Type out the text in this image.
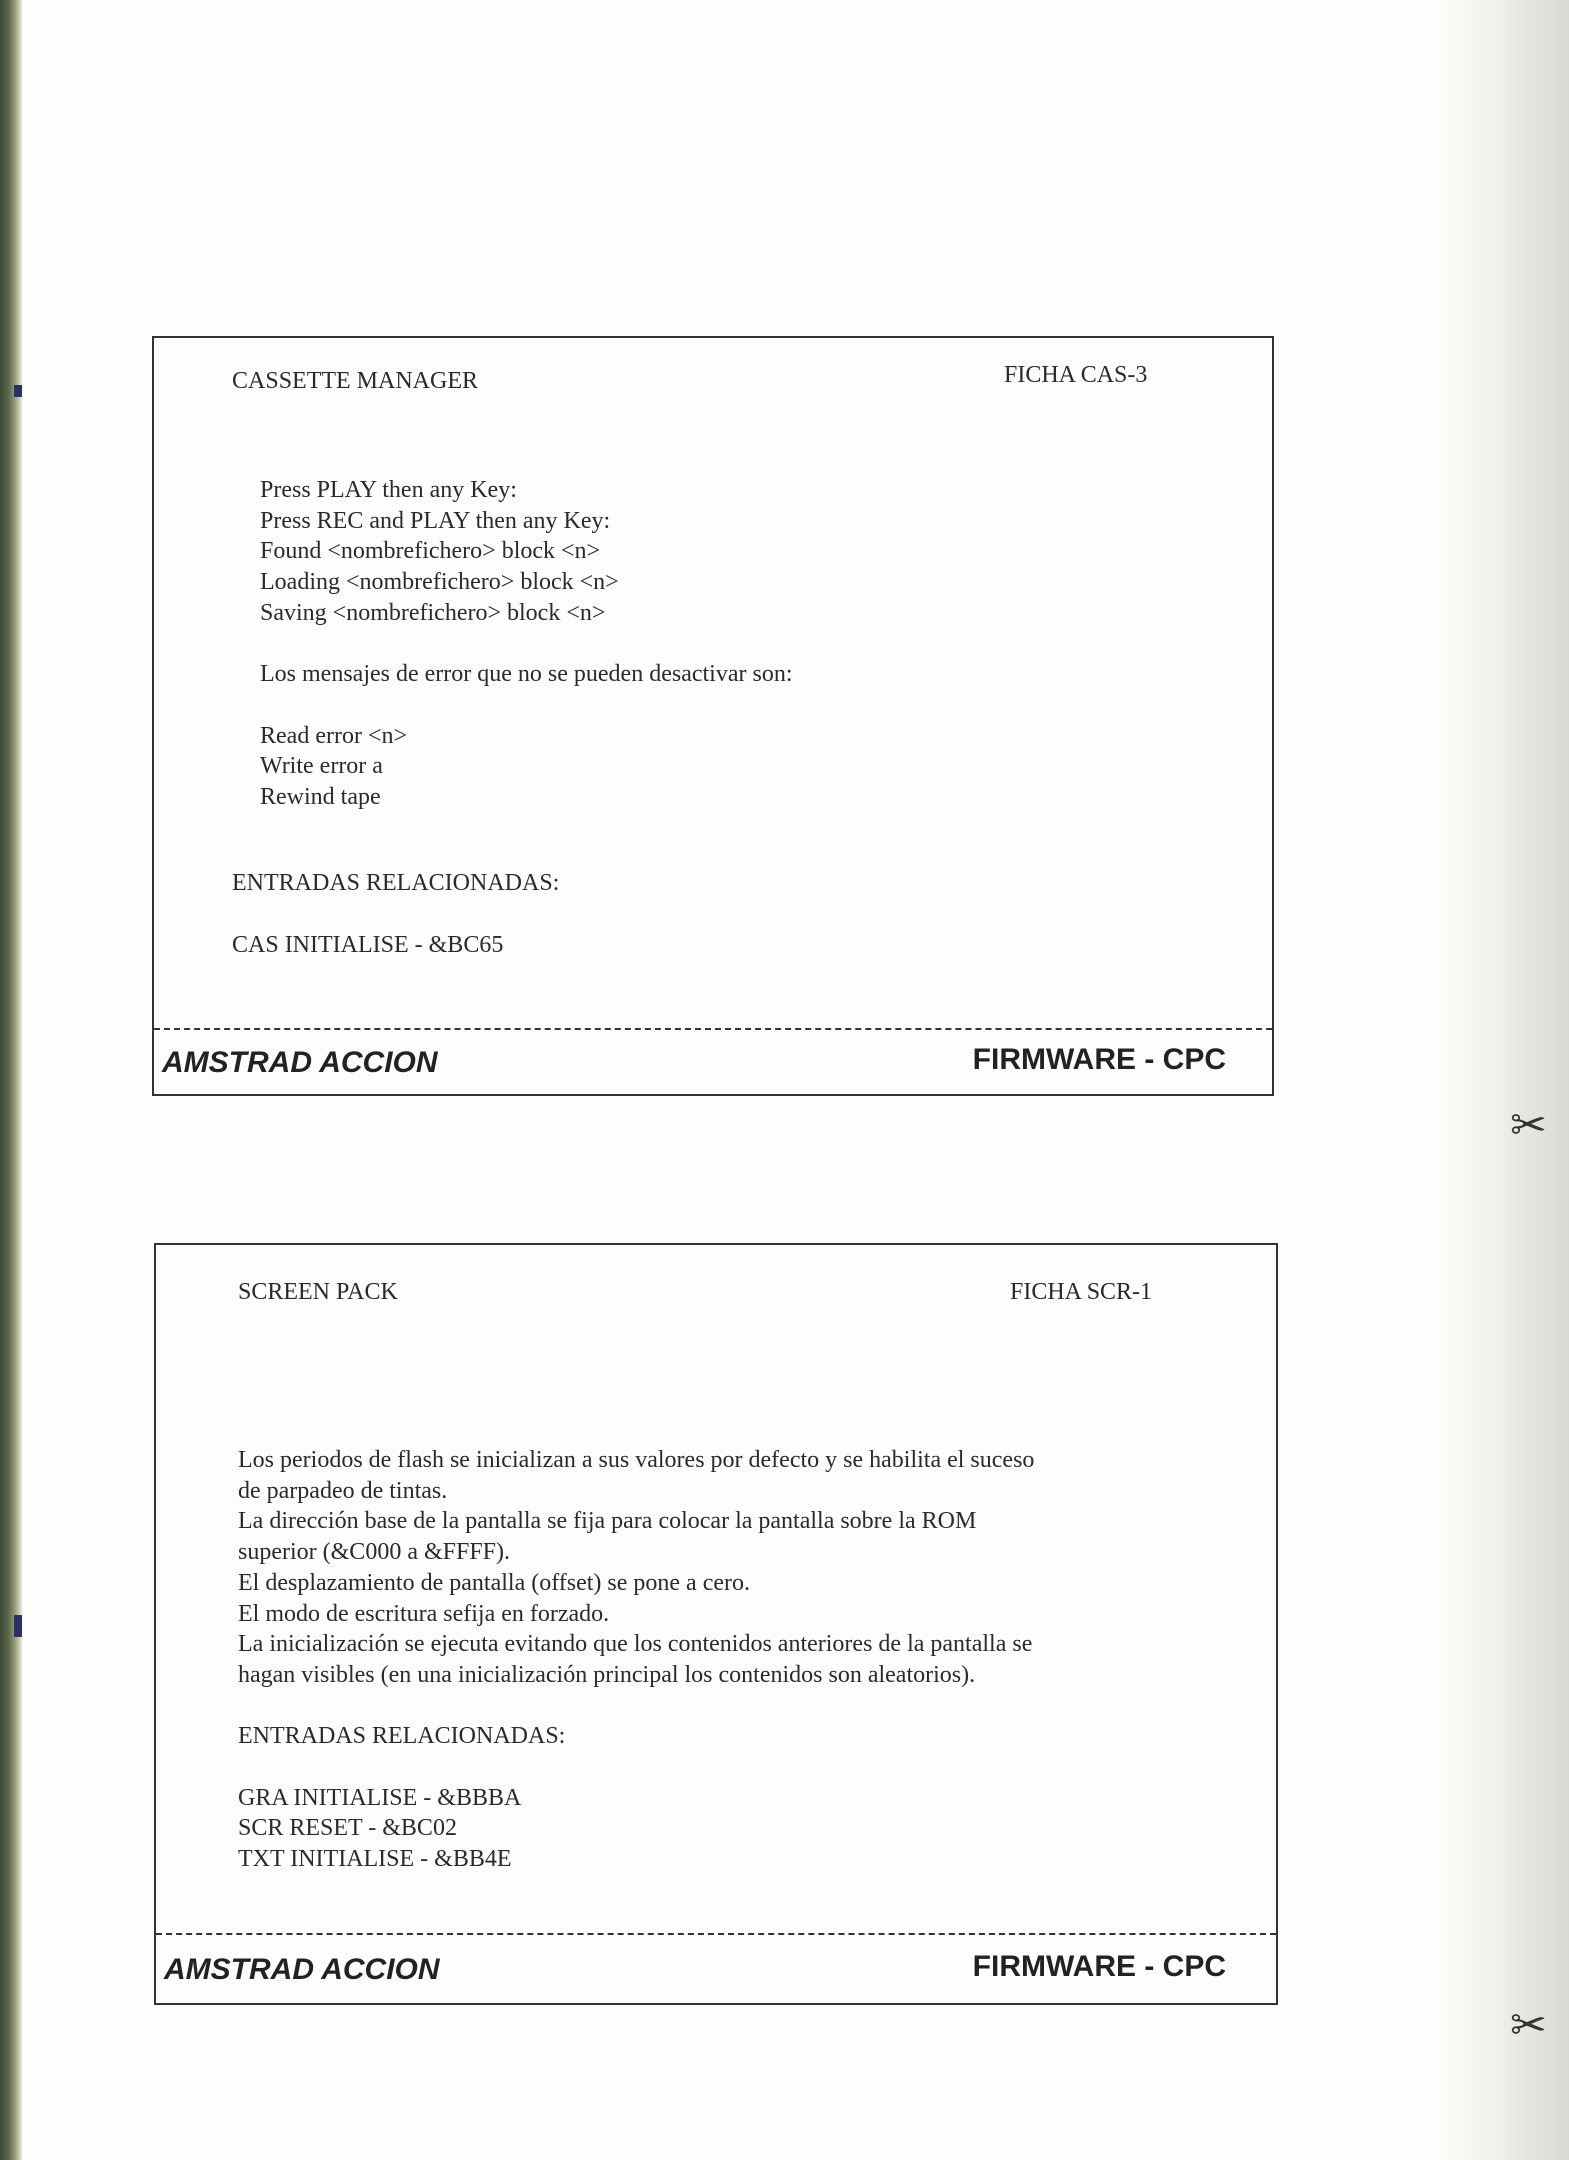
✂
✂
CASSETTE MANAGER	FICHA CAS-3
Press PLAY then any Key:
Press REC and PLAY then any Key:
Found <nombrefichero> block <n>
Loading <nombrefichero> block <n>
Saving <nombrefichero> block <n>
Los mensajes de error que no se pueden desactivar son:
Read error <n>
Write error a
Rewind tape
ENTRADAS RELACIONADAS:
CAS INITIALISE - &BC65
AMSTRAD ACCION	FIRMWARE - CPC
SCREEN PACK	FICHA SCR-1
Los periodos de flash se inicializan a sus valores por defecto y se habilita el suceso
de parpadeo de tintas.
La dirección base de la pantalla se fija para colocar la pantalla sobre la ROM
superior (&C000 a &FFFF).
El desplazamiento de pantalla (offset) se pone a cero.
El modo de escritura sefija en forzado.
La inicialización se ejecuta evitando que los contenidos anteriores de la pantalla se
hagan visibles (en una inicialización principal los contenidos son aleatorios).
ENTRADAS RELACIONADAS:
GRA INITIALISE - &BBBA
SCR RESET - &BC02
TXT INITIALISE - &BB4E
AMSTRAD ACCION	FIRMWARE - CPC
